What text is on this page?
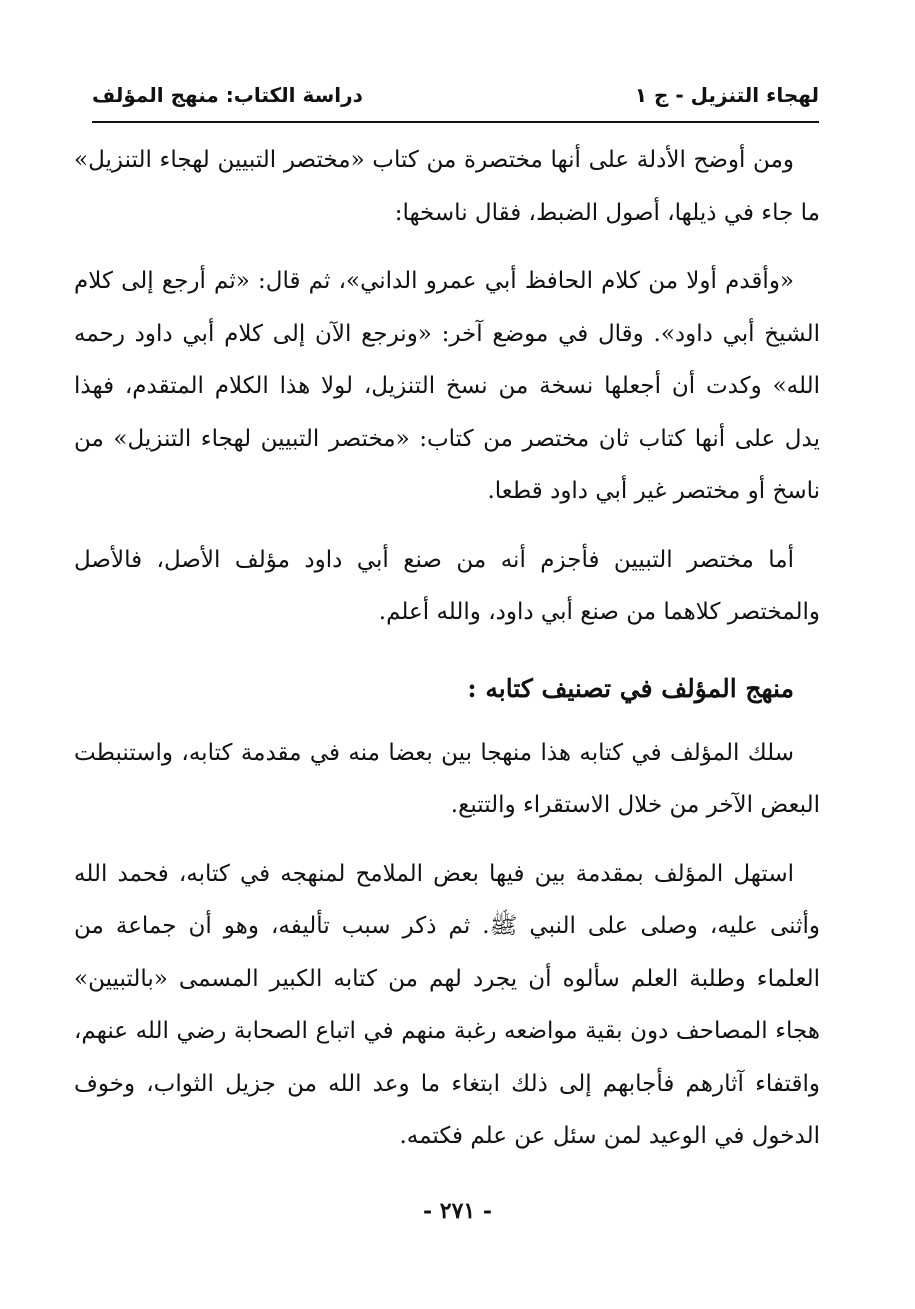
لهجاء التنزيل - ج ١
دراسة الكتاب: منهج المؤلف

ومن أوضح الأدلة على أنها مختصرة من كتاب «مختصر التبيين لهجاء التنزيل» ما جاء في ذيلها، أصول الضبط، فقال ناسخها:

«وأقدم أولا من كلام الحافظ أبي عمرو الداني»، ثم قال: «ثم أرجع إلى كلام الشيخ أبي داود». وقال في موضع آخر: «ونرجع الآن إلى كلام أبي داود رحمه الله» وكدت أن أجعلها نسخة من نسخ التنزيل، لولا هذا الكلام المتقدم، فهذا يدل على أنها كتاب ثان مختصر من كتاب: «مختصر التبيين لهجاء التنزيل» من ناسخ أو مختصر غير أبي داود قطعا.

أما مختصر التبيين فأجزم أنه من صنع أبي داود مؤلف الأصل، فالأصل والمختصر كلاهما من صنع أبي داود، والله أعلم.

منهج المؤلف في تصنيف كتابه :

سلك المؤلف في كتابه هذا منهجا بين بعضا منه في مقدمة كتابه، واستنبطت البعض الآخر من خلال الاستقراء والتتبع.

استهل المؤلف بمقدمة بين فيها بعض الملامح لمنهجه في كتابه، فحمد الله وأثنى عليه، وصلى على النبي ﷺ. ثم ذكر سبب تأليفه، وهو أن جماعة من العلماء وطلبة العلم سألوه أن يجرد لهم من كتابه الكبير المسمى «بالتبيين» هجاء المصاحف دون بقية مواضعه رغبة منهم في اتباع الصحابة رضي الله عنهم، واقتفاء آثارهم فأجابهم إلى ذلك ابتغاء ما وعد الله من جزيل الثواب، وخوف الدخول في الوعيد لمن سئل عن علم فكتمه.

- ٢٧١ -
